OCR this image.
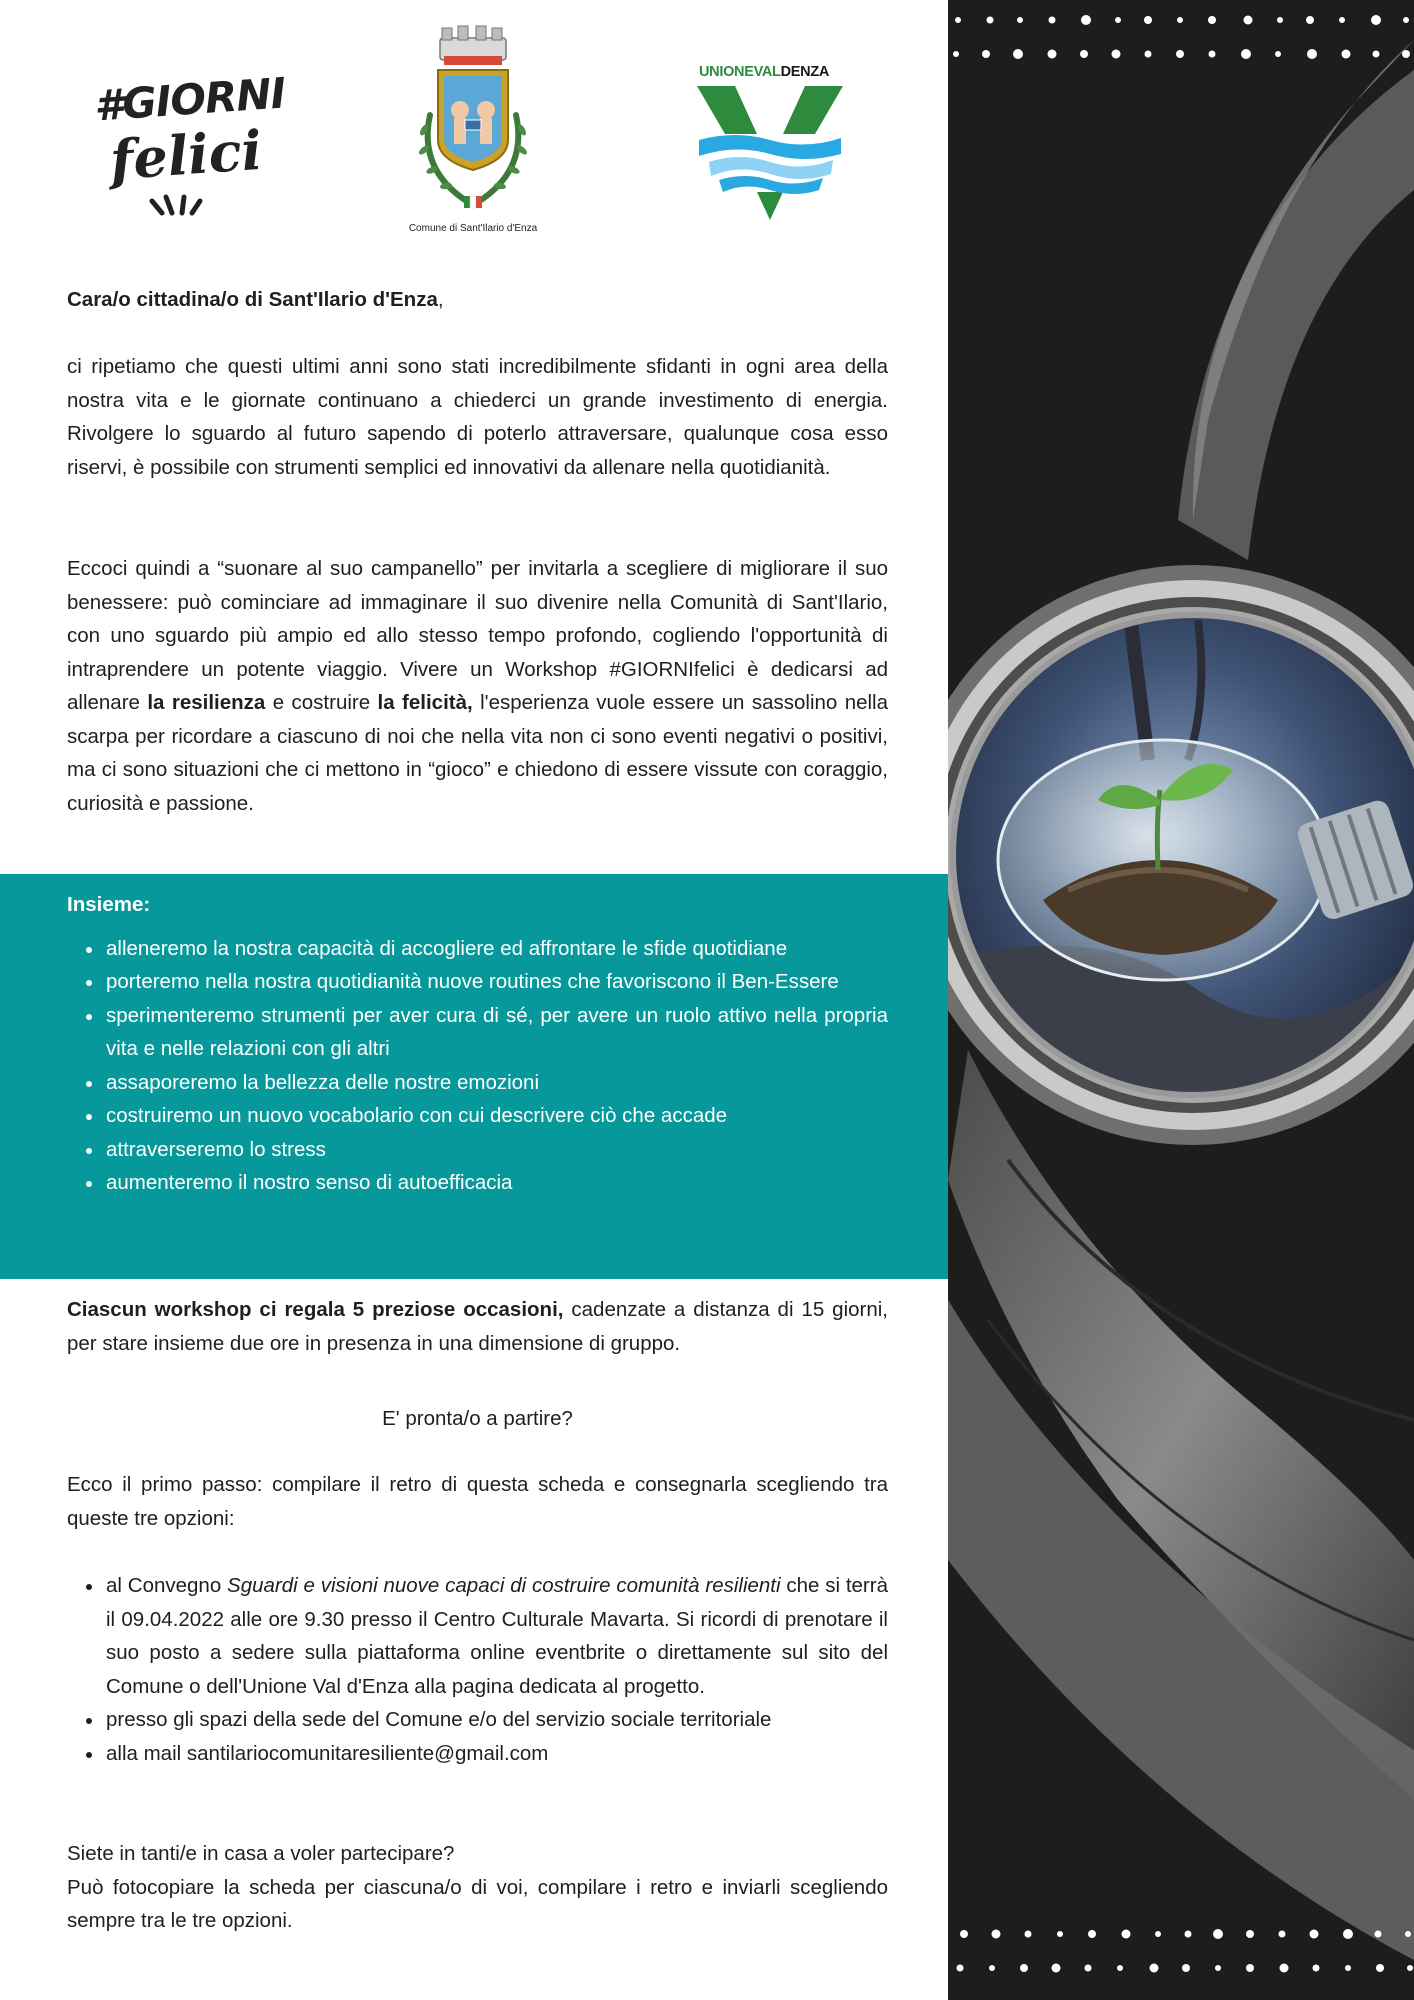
#GIORNI
felici
Comune di Sant'Ilario d'Enza
UNIONEVALDENZA
Cara/o cittadina/o di Sant'Ilario d'Enza,

ci ripetiamo che questi ultimi anni sono stati incredibilmente sfidanti in ogni area della nostra vita e le giornate continuano a chiederci un grande investimento di energia. Rivolgere lo sguardo al futuro sapendo di poterlo attraversare, qualunque cosa esso riservi, è possibile con strumenti semplici ed innovativi da allenare nella quotidianità.

Eccoci quindi a “suonare al suo campanello” per invitarla a scegliere di migliorare il suo benessere: può cominciare ad immaginare il suo divenire nella Comunità di Sant'Ilario, con uno sguardo più ampio ed allo stesso tempo profondo, cogliendo l'opportunità di intraprendere un potente viaggio. Vivere un Workshop #GIORNIfelici è dedicarsi ad allenare la resilienza e costruire la felicità, l'esperienza vuole essere un sassolino nella scarpa per ricordare a ciascuno di noi che nella vita non ci sono eventi negativi o positivi, ma ci sono situazioni che ci mettono in “gioco” e chiedono di essere vissute con coraggio, curiosità e passione.

Insieme:
alleneremo la nostra capacità di accogliere ed affrontare le sfide quotidiane
porteremo nella nostra quotidianità nuove routines che favoriscono il Ben-Essere
sperimenteremo strumenti per aver cura di sé, per avere un ruolo attivo nella propria vita e nelle relazioni con gli altri
assaporeremo la bellezza delle nostre emozioni
costruiremo un nuovo vocabolario con cui descrivere ciò che accade
attraverseremo lo stress
aumenteremo il nostro senso di autoefficacia

Ciascun workshop ci regala 5 preziose occasioni, cadenzate a distanza di 15 giorni, per stare insieme due ore in presenza in una dimensione di gruppo.

E' pronta/o a partire?

Ecco il primo passo: compilare il retro di questa scheda e consegnarla scegliendo tra queste tre opzioni:

al Convegno Sguardi e visioni nuove capaci di costruire comunità resilienti che si terrà il 09.04.2022 alle ore 9.30 presso il Centro Culturale Mavarta. Si ricordi di prenotare il suo posto a sedere sulla piattaforma online eventbrite o direttamente sul sito del Comune o dell'Unione Val d'Enza alla pagina dedicata al progetto.
presso gli spazi della sede del Comune e/o del servizio sociale territoriale
alla mail santilariocomunitaresiliente@gmail.com
Siete in tanti/e in casa a voler partecipare?
Può fotocopiare la scheda per ciascuna/o di voi, compilare i retro e inviarli scegliendo sempre tra le tre opzioni.
